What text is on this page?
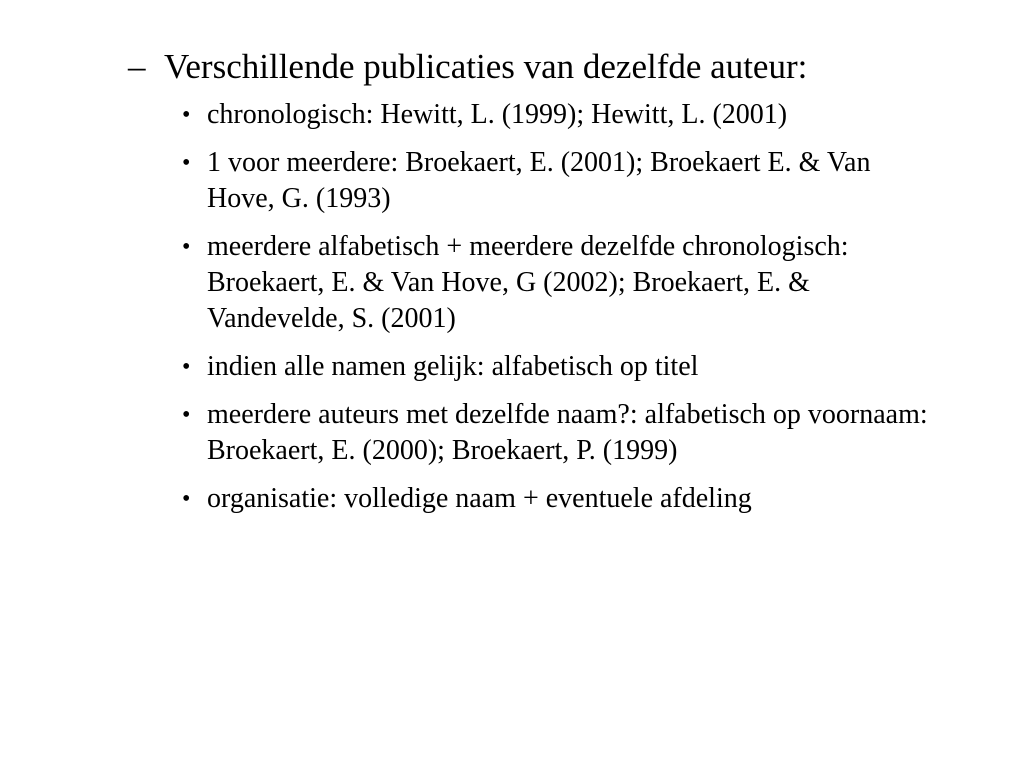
– Verschillende publicaties van dezelfde auteur:
• chronologisch: Hewitt, L. (1999); Hewitt, L. (2001)
• 1 voor meerdere: Broekaert, E. (2001); Broekaert E. & Van Hove, G. (1993)
• meerdere alfabetisch + meerdere dezelfde chronologisch: Broekaert, E. & Van Hove, G (2002); Broekaert, E. & Vandevelde, S. (2001)
• indien alle namen gelijk: alfabetisch op titel
• meerdere auteurs met dezelfde naam?: alfabetisch op voornaam: Broekaert, E. (2000); Broekaert, P. (1999)
• organisatie: volledige naam + eventuele afdeling
